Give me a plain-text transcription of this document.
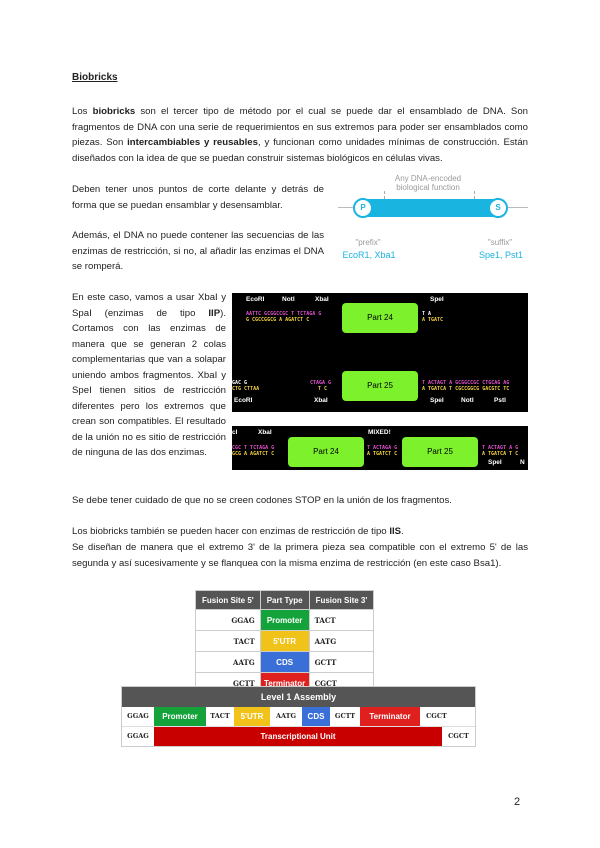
Biobricks

Los biobricks son el tercer tipo de método por el cual se puede dar el ensamblado de DNA. Son fragmentos de DNA con una serie de requerimientos en sus extremos para poder ser ensamblados como piezas. Son intercambiables y reusables, y funcionan como unidades mínimas de construcción. Están diseñados con la idea de que se puedan construir sistemas biológicos en células vivas.

Deben tener unos puntos de corte delante y detrás de forma que se puedan ensamblar y desensamblar.

Además, el DNA no puede contener las secuencias de las enzimas de restricción, si no, al añadir las enzimas el DNA se romperá.

Any DNA-encoded
biological function
P	S
"prefix"	"suffix"
EcoR1, Xba1	Spe1, Pst1

En este caso, vamos a usar XbaI y SpaI (enzimas de tipo IIP). Cortamos con las enzimas de manera que se generan 2 colas complementarias que van a solapar uniendo ambos fragmentos. XbaI y SpeI tienen sitios de restricción diferentes pero los extremos que crean son compatibles. El resultado de la unión no es sitio de restricción de ninguna de las dos enzimas.

EcoRI	NotI	XbaI	SpeI
AATTC GCGGCCGC T TCTAGA G
G CGCCGGCG A AGATCT C	Part 24	T A
A TGATC
GAC G
CTG CTTAA
CTAGA G
T C	Part 25	T ACTAGT A GCGGCCGC CTGCAG AG
A TGATCA T CGCCGGCG GACGTC TC
EcoRI	XbaI	SpeI	NotI	PstI
cI	XbaI	MIXED!
CGC T TCTAGA G
GCG A AGATCT C	Part 24	T ACTAGA G
A TGATCT C	Part 25	T ACTAGT A G
A TGATCA T C
SpeI	N

Se debe tener cuidado de que no se creen codones STOP en la unión de los fragmentos.

Los biobricks también se pueden hacer con enzimas de restricción de tipo IIS.

Se diseñan de manera que el extremo 3' de la primera pieza sea compatible con el extremo 5' de las segunda y así sucesivamente y se flanquea con la misma enzima de restricción (en este caso Bsa1).

Fusion Site 5'	Part Type	Fusion Site 3'
GGAG	Promoter	TACT
TACT	5'UTR	AATG
AATG	CDS	GCTT
GCTT	Terminator	CGCT
Level 1 Assembly
GGAG	Promoter	TACT	5'UTR	AATG	CDS	GCTT	Terminator	CGCT
GGAG	Transcriptional Unit	CGCT
2
